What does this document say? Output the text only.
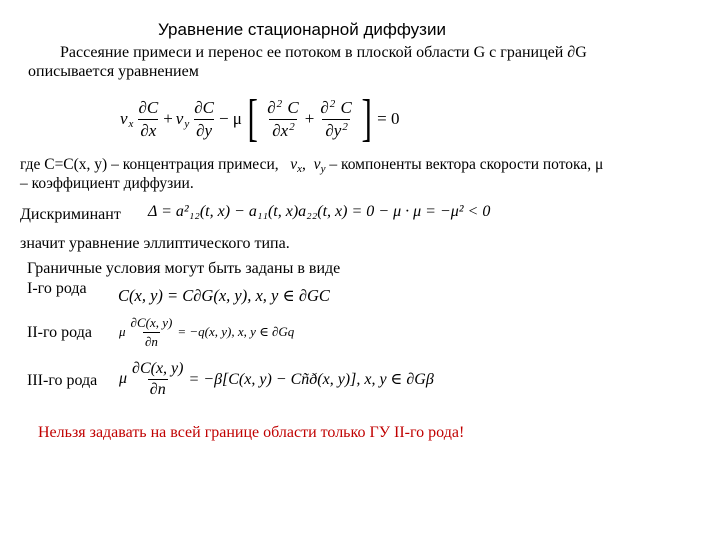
Уравнение стационарной диффузии
Рассеяние примеси и перенос ее потоком в плоской области G с границей ∂G
описывается уравнением
$v_x \frac{\partial C}{\partial x} + v_y \frac{\partial C}{\partial y} - \mu$ [ $\frac{\partial^2 C}{\partial x^2} + \frac{\partial^2 C}{\partial y^2}$ ] = 0
где C=C(x, y) – концентрация примеси, $v_x$, $v_y$ – компоненты вектора скорости потока, μ
– коэффициент диффузии.
Дискриминант Δ = a²₁₂(t, x) − a₁₁(t, x)a₂₂(t, x) = 0 − μ · μ = −μ² < 0
значит уравнение эллиптического типа.
Граничные условия могут быть заданы в виде
I-го рода C(x, y) = C∂G(x, y), x, y ∈ ∂GC
II-го рода μ $\frac{\partial C(x, y)}{\partial n} = -q(x$, y), x, y ∈ ∂Gq
III-го рода μ $\frac{\partial C(x, y)}{\partial n} = -\beta[C(x$, y) − Cñð(x, y)], x, y ∈ ∂Gβ
Нельзя задавать на всей границе области только ГУ II-го рода!
